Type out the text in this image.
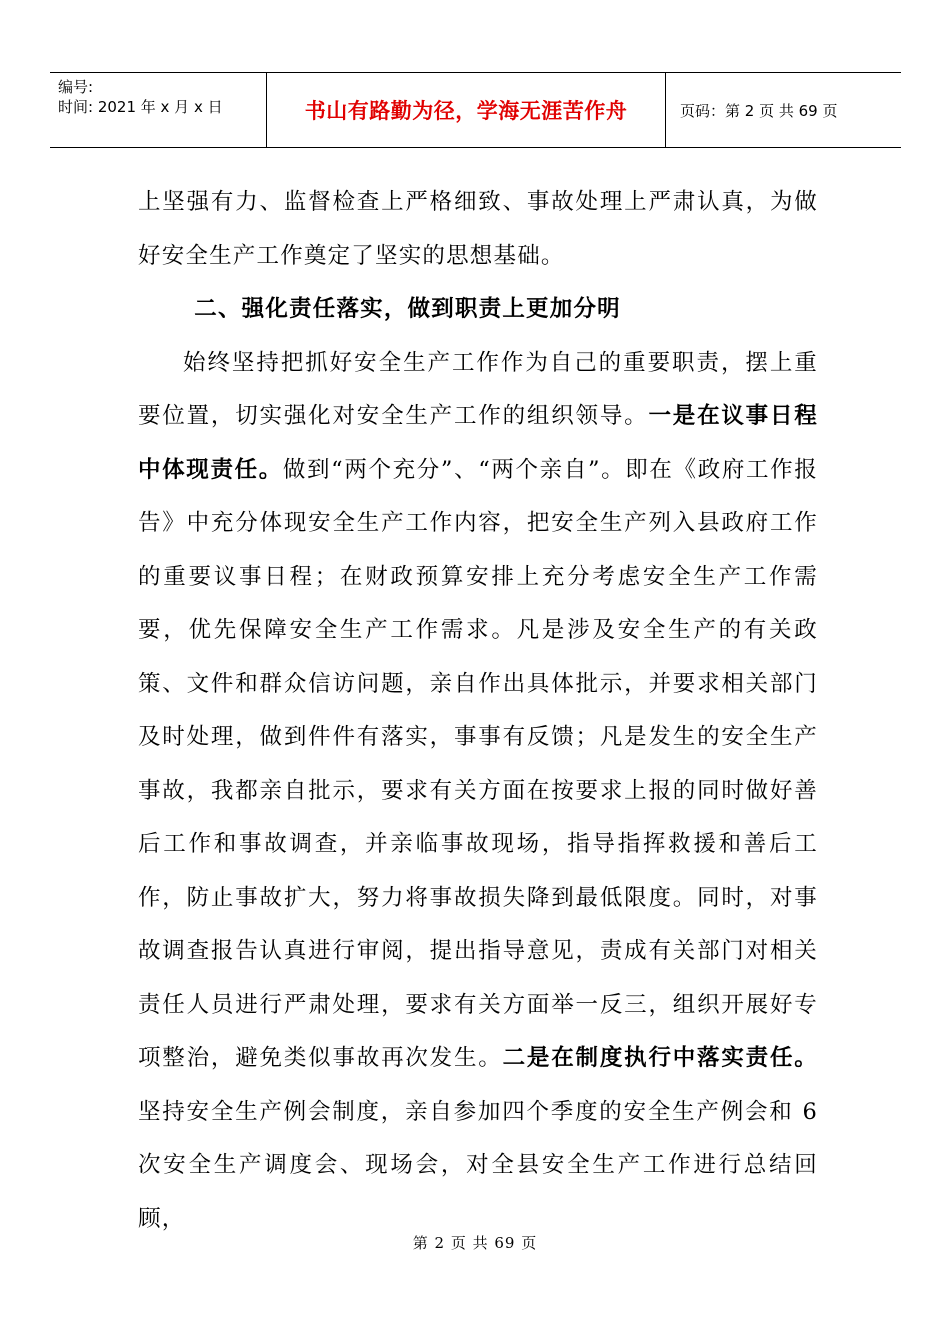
编号:
时间: 2021 年 x 月 x 日	书山有路勤为径，学海无涯苦作舟	页码：第 2 页 共 69 页

上坚强有力、监督检查上严格细致、事故处理上严肃认真，为做好安全生产工作奠定了坚实的思想基础。

二、强化责任落实，做到职责上更加分明

始终坚持把抓好安全生产工作作为自己的重要职责，摆上重要位置，切实强化对安全生产工作的组织领导。一是在议事日程中体现责任。做到“两个充分”、“两个亲自”。即在《政府工作报告》中充分体现安全生产工作内容，把安全生产列入县政府工作的重要议事日程；在财政预算安排上充分考虑安全生产工作需要，优先保障安全生产工作需求。凡是涉及安全生产的有关政策、文件和群众信访问题，亲自作出具体批示，并要求相关部门及时处理，做到件件有落实，事事有反馈；凡是发生的安全生产事故，我都亲自批示，要求有关方面在按要求上报的同时做好善后工作和事故调查，并亲临事故现场，指导指挥救援和善后工作，防止事故扩大，努力将事故损失降到最低限度。同时，对事故调查报告认真进行审阅，提出指导意见，责成有关部门对相关责任人员进行严肃处理，要求有关方面举一反三，组织开展好专项整治，避免类似事故再次发生。二是在制度执行中落实责任。坚持安全生产例会制度，亲自参加四个季度的安全生产例会和 6 次安全生产调度会、现场会，对全县安全生产工作进行总结回顾，

第 2 页 共 69 页
